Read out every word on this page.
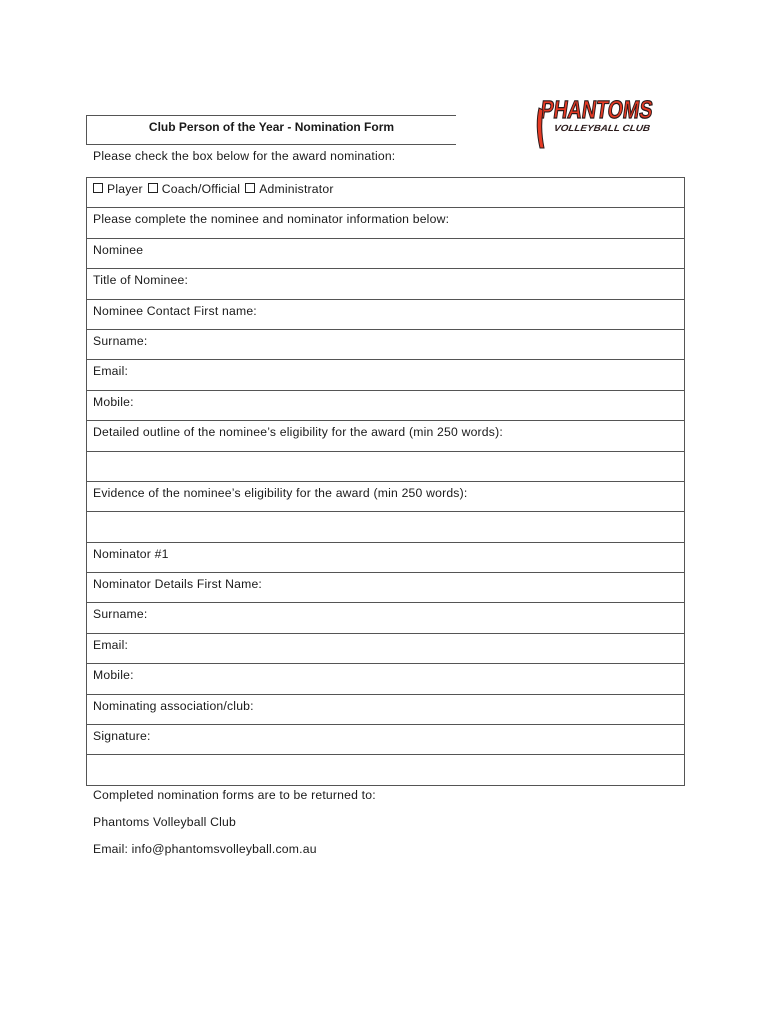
PHANTOMS
VOLLEYBALL CLUB
Club Person of the Year - Nomination Form
Please check the box below for the award nomination:
Player Coach/Official Administrator
Please complete the nominee and nominator information below:
Nominee
Title of Nominee:
Nominee Contact First name:
Surname:
Email:
Mobile:
Detailed outline of the nominee’s eligibility for the award (min 250 words):

Evidence of the nominee’s eligibility for the award (min 250 words):

Nominator #1
Nominator Details First Name:
Surname:
Email:
Mobile:
Nominating association/club:
Signature:

Completed nomination forms are to be returned to:
Phantoms Volleyball Club
Email: info@phantomsvolleyball.com.au
